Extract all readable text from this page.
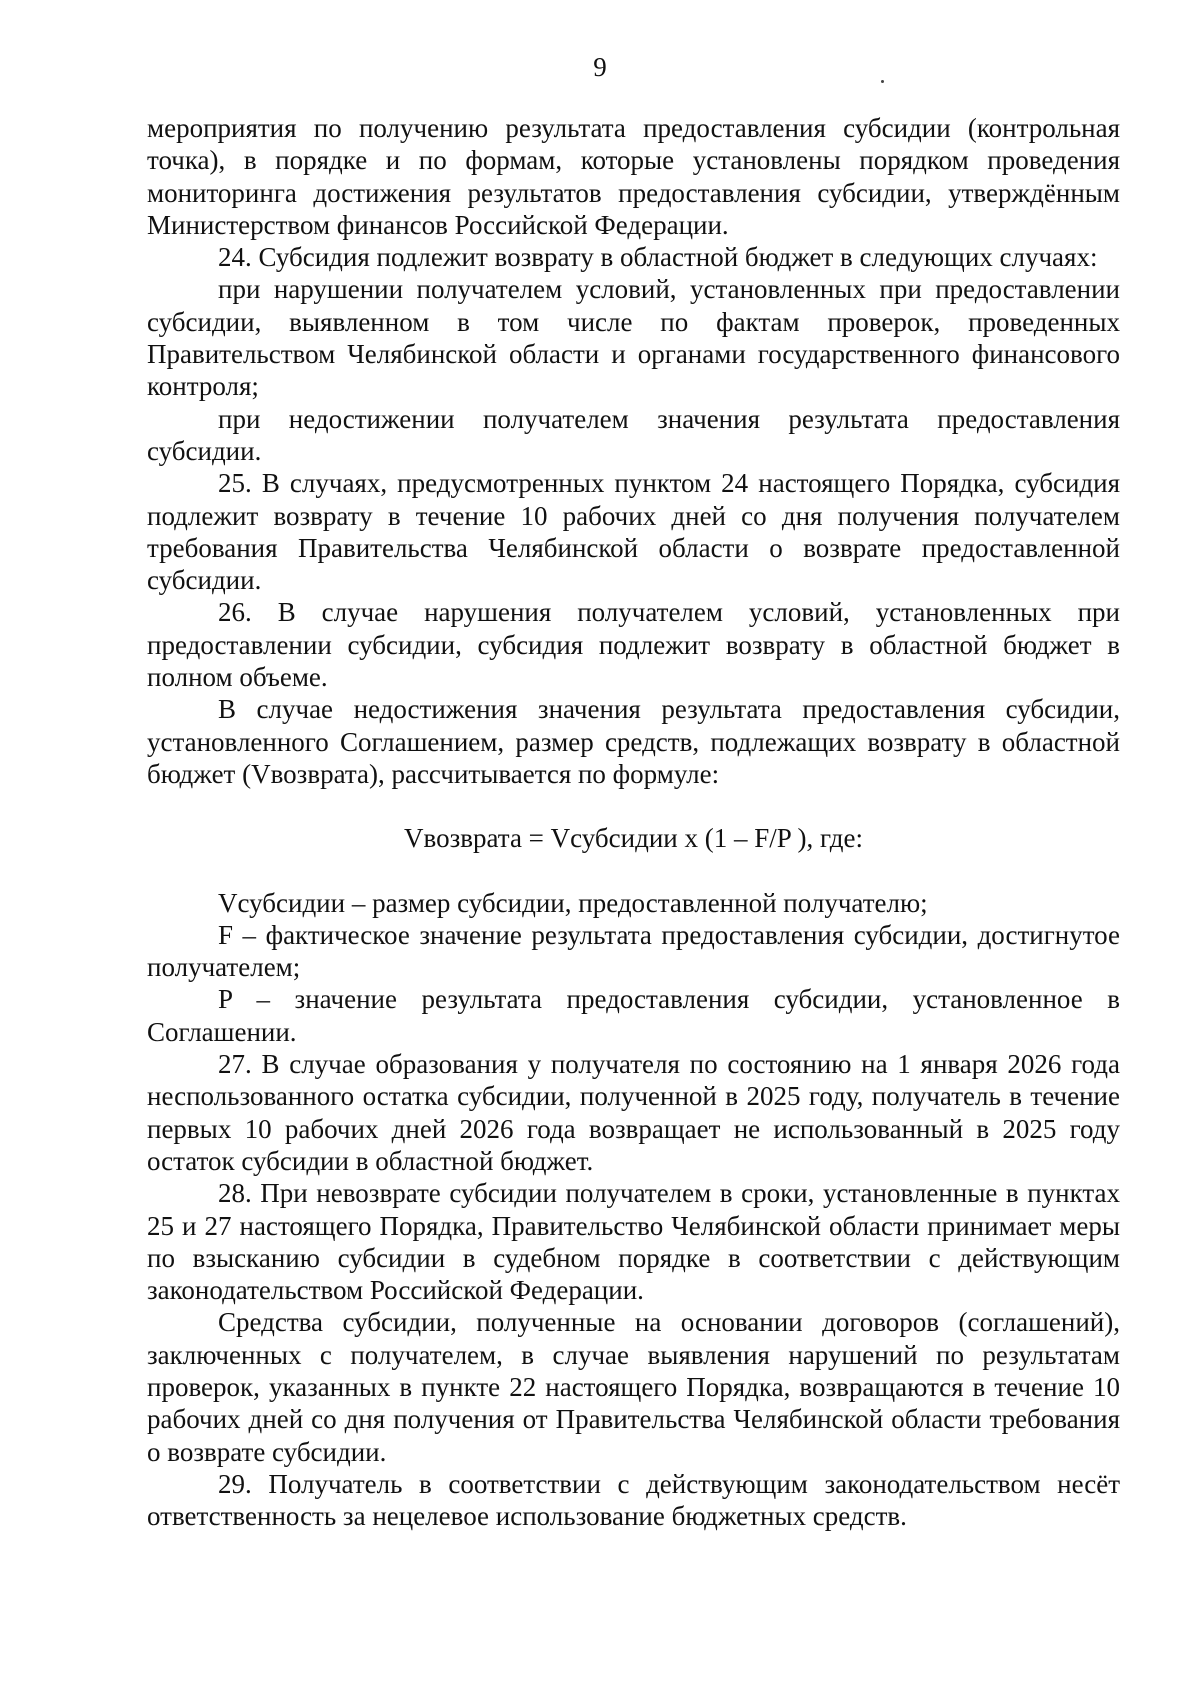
9

мероприятия по получению результата предоставления субсидии (контрольная точка), в порядке и по формам, которые установлены порядком проведения мониторинга достижения результатов предоставления субсидии, утверждённым Министерством финансов Российской Федерации.

24. Субсидия подлежит возврату в областной бюджет в следующих случаях:

при нарушении получателем условий, установленных при предоставлении субсидии, выявленном в том числе по фактам проверок, проведенных Правительством Челябинской области и органами государственного финансового контроля;

при недостижении получателем значения результата предоставления субсидии.

25. В случаях, предусмотренных пунктом 24 настоящего Порядка, субсидия подлежит возврату в течение 10 рабочих дней со дня получения получателем требования Правительства Челябинской области о возврате предоставленной субсидии.

26. В случае нарушения получателем условий, установленных при предоставлении субсидии, субсидия подлежит возврату в областной бюджет в полном объеме.

В случае недостижения значения результата предоставления субсидии, установленного Соглашением, размер средств, подлежащих возврату в областной бюджет (Vвозврата), рассчитывается по формуле:

Vвозврата = Vсубсидии х (1 – F/P ), где:

Vсубсидии – размер субсидии, предоставленной получателю;

F – фактическое значение результата предоставления субсидии, достигнутое получателем;

P – значение результата предоставления субсидии, установленное в Соглашении.

27. В случае образования у получателя по состоянию на 1 января 2026 года неспользованного остатка субсидии, полученной в 2025 году, получатель в течение первых 10 рабочих дней 2026 года возвращает не использованный в 2025 году остаток субсидии в областной бюджет.

28. При невозврате субсидии получателем в сроки, установленные в пунктах 25 и 27 настоящего Порядка, Правительство Челябинской области принимает меры по взысканию субсидии в судебном порядке в соответствии с действующим законодательством Российской Федерации.

Средства субсидии, полученные на основании договоров (соглашений), заключенных с получателем, в случае выявления нарушений по результатам проверок, указанных в пункте 22 настоящего Порядка, возвращаются в течение 10 рабочих дней со дня получения от Правительства Челябинской области требования о возврате субсидии.

29. Получатель в соответствии с действующим законодательством несёт ответственность за нецелевое использование бюджетных средств.
